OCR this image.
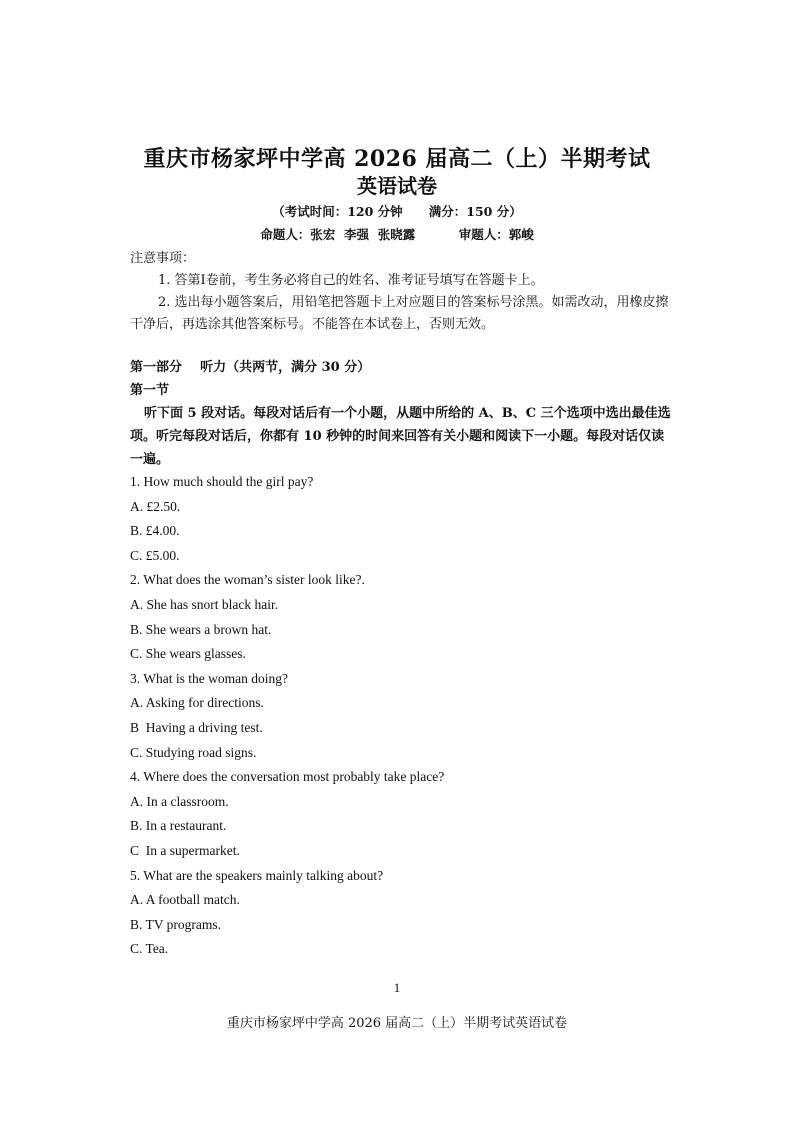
重庆市杨家坪中学高 2026 届高二（上）半期考试
英语试卷
（考试时间：120 分钟      满分：150 分）
命题人：张宏  李强  张晓露          审题人：郭峻
注意事项：
1. 答第Ⅰ卷前，考生务必将自己的姓名、准考证号填写在答题卡上。
2. 选出每小题答案后，用铅笔把答题卡上对应题目的答案标号涂黑。如需改动，用橡皮擦干净后，再选涂其他答案标号。不能答在本试卷上，否则无效。
第一部分    听力（共两节，满分 30 分）
第一节
听下面 5 段对话。每段对话后有一个小题，从题中所给的 A、B、C 三个选项中选出最佳选项。听完每段对话后，你都有 10 秒钟的时间来回答有关小题和阅读下一小题。每段对话仅读一遍。
1. How much should the girl pay?
A. £2.50.
B. £4.00.
C. £5.00.
2. What does the woman’s sister look like?.
A. She has snort black hair.
B. She wears a brown hat.
C. She wears glasses.
3. What is the woman doing?
A. Asking for directions.
B  Having a driving test.
C. Studying road signs.
4. Where does the conversation most probably take place?
A. In a classroom.
B. In a restaurant.
C  In a supermarket.
5. What are the speakers mainly talking about?
A. A football match.
B. TV programs.
C. Tea.
1
重庆市杨家坪中学高 2026 届高二（上）半期考试英语试卷
